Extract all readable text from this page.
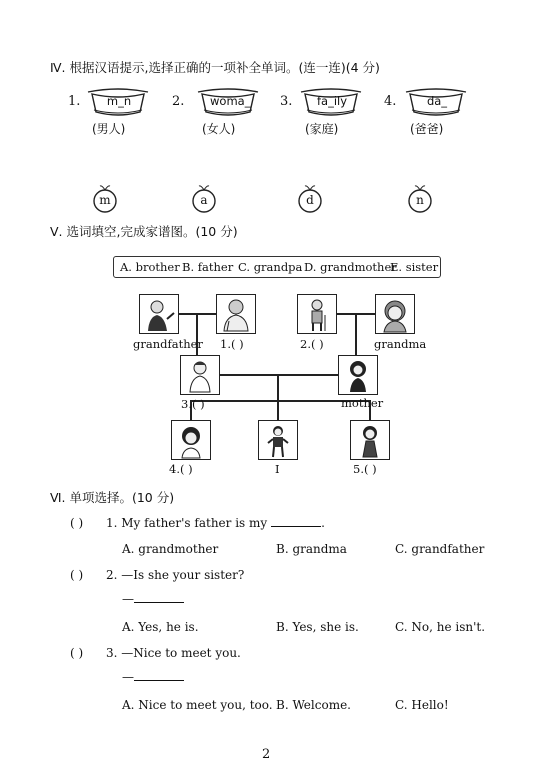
Ⅳ. 根据汉语提示,选择正确的一项补全单词。(连一连)(4 分)
1.	m_n
(男人)
m
2. woma_
(女人)
a
3.	fa_ily
(家庭)
d
4.	da_
(爸爸)
n
Ⅴ. 选词填空,完成家谱图。(10 分)
A. brother B. father C. grandpa D. grandmother
E. sister
grandfather 1.( )	2.( )	grandma
3.( )	mother
4.( )	I	5.( )
Ⅵ. 单项选择。(10 分)
( ) 1. My father's father is my	.
A. grandmother	B. grandma	C. grandfather
( ) 2. —Is she your sister?
—
A. Yes, he is.	B. Yes, she is.	C. No, he isn't.
( ) 3. —Nice to meet you.
—
A. Nice to meet you, too. B. Welcome.	C. Hello!
2
